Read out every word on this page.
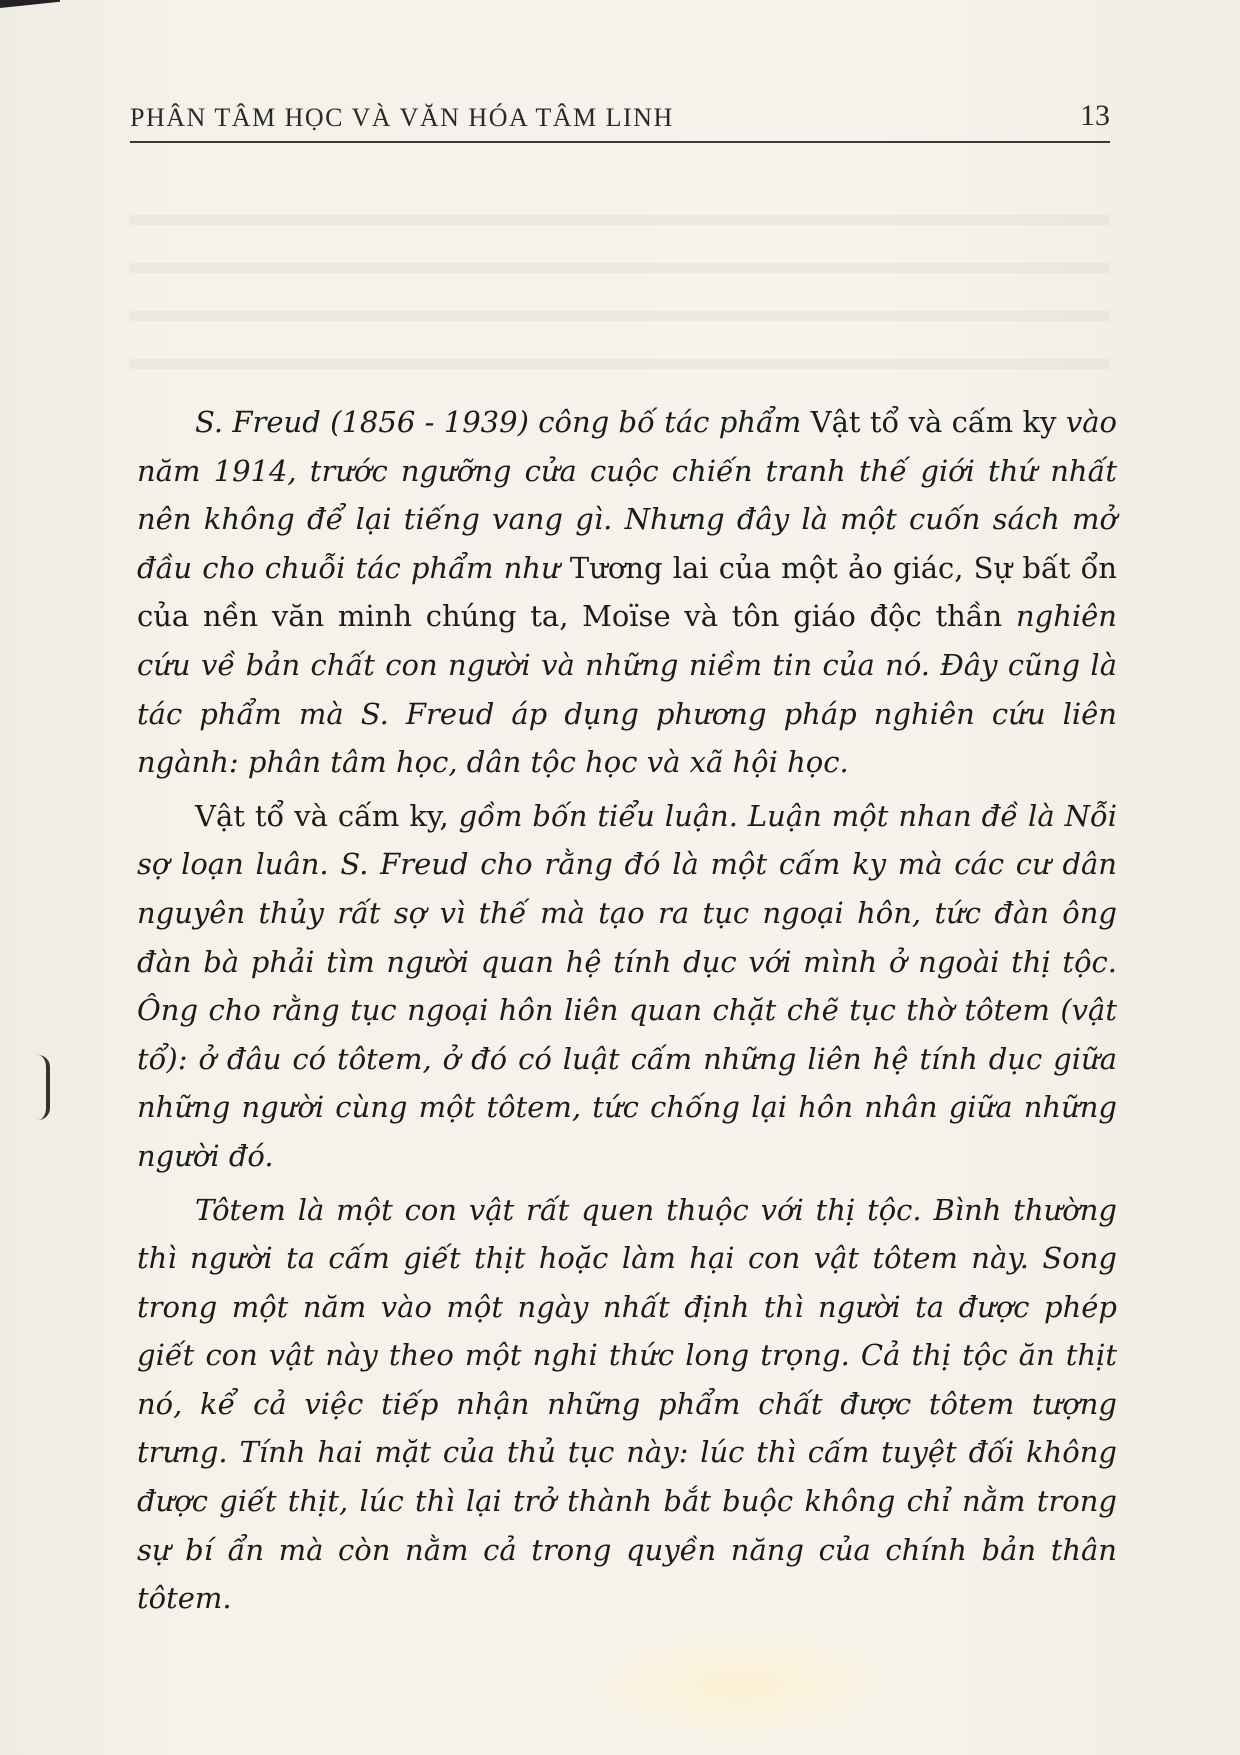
PHÂN TÂM HỌC VÀ VĂN HÓA TÂM LINH	13

S. Freud (1856 - 1939) công bố tác phẩm Vật tổ và cấm ky vào năm 1914, trước ngưỡng cửa cuộc chiến tranh thế giới thứ nhất nên không để lại tiếng vang gì. Nhưng đây là một cuốn sách mở đầu cho chuỗi tác phẩm như Tương lai của một ảo giác, Sự bất ổn của nền văn minh chúng ta, Moïse và tôn giáo độc thần nghiên cứu về bản chất con người và những niềm tin của nó. Đây cũng là tác phẩm mà S. Freud áp dụng phương pháp nghiên cứu liên ngành: phân tâm học, dân tộc học và xã hội học.

Vật tổ và cấm ky, gồm bốn tiểu luận. Luận một nhan đề là Nỗi sợ loạn luân. S. Freud cho rằng đó là một cấm ky mà các cư dân nguyên thủy rất sợ vì thế mà tạo ra tục ngoại hôn, tức đàn ông đàn bà phải tìm người quan hệ tính dục với mình ở ngoài thị tộc. Ông cho rằng tục ngoại hôn liên quan chặt chẽ tục thờ tôtem (vật tổ): ở đâu có tôtem, ở đó có luật cấm những liên hệ tính dục giữa những người cùng một tôtem, tức chống lại hôn nhân giữa những người đó.

Tôtem là một con vật rất quen thuộc với thị tộc. Bình thường thì người ta cấm giết thịt hoặc làm hại con vật tôtem này. Song trong một năm vào một ngày nhất định thì người ta được phép giết con vật này theo một nghi thức long trọng. Cả thị tộc ăn thịt nó, kể cả việc tiếp nhận những phẩm chất được tôtem tượng trưng. Tính hai mặt của thủ tục này: lúc thì cấm tuyệt đối không được giết thịt, lúc thì lại trở thành bắt buộc không chỉ nằm trong sự bí ẩn mà còn nằm cả trong quyền năng của chính bản thân tôtem.
